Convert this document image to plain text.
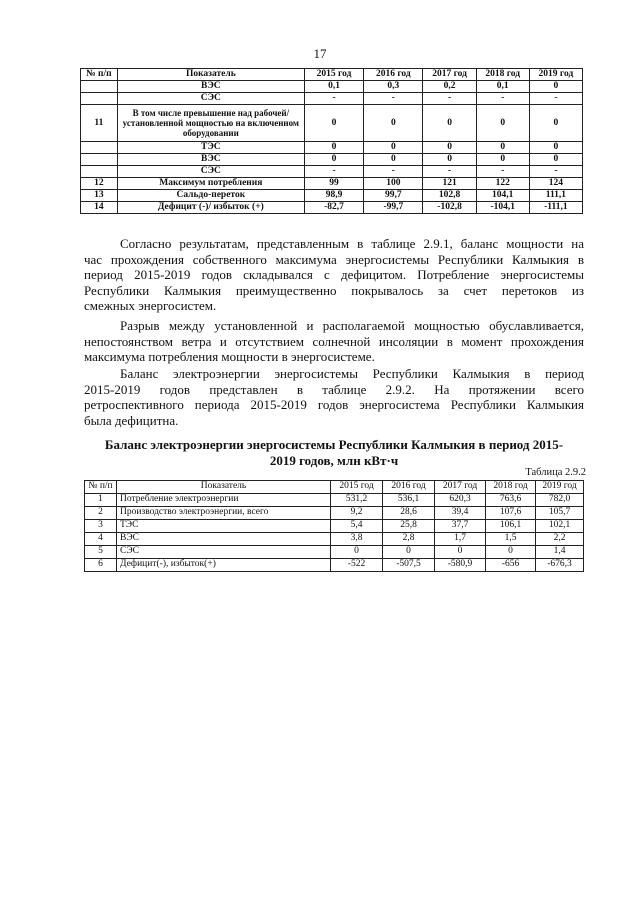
17
№ п/п	Показатель	2015 год	2016 год	2017 год	2018 год	2019 год
	ВЭС	0,1	0,3	0,2	0,1	0
	СЭС	-	-	-	-	-
11	В том числе превышение над рабочей/установленной мощностью на включенном оборудовании	0	0	0	0	0
	ТЭС	0	0	0	0	0
	ВЭС	0	0	0	0	0
	СЭС	-	-	-	-	-
12	Максимум потребления	99	100	121	122	124
13	Сальдо-переток	98,9	99,7	102,8	104,1	111,1
14	Дефицит (-)/ избыток (+)	-82,7	-99,7	-102,8	-104,1	-111,1
Согласно результатам, представленным в таблице 2.9.1, баланс мощности на
час прохождения собственного максимума энергосистемы Республики Калмыкия в
период 2015-2019 годов складывался с дефицитом. Потребление энергосистемы
Республики Калмыкия преимущественно покрывалось за счет перетоков из
смежных энергосистем.
Разрыв между установленной и располагаемой мощностью обуславливается,
непостоянством ветра и отсутствием солнечной инсоляции в момент прохождения
максимума потребления мощности в энергосистеме.
Баланс электроэнергии энергосистемы Республики Калмыкия в период
2015-2019 годов представлен в таблице 2.9.2. На протяжении всего
ретроспективного периода 2015-2019 годов энергосистема Республики Калмыкия
была дефицитна.
Баланс электроэнергии энергосистемы Республики Калмыкия в период 2015-
2019 годов, млн кВт·ч
Таблица 2.9.2
№ п/п	Показатель	2015 год	2016 год	2017 год	2018 год	2019 год
1	Потребление электроэнергии	531,2	536,1	620,3	763,6	782,0
2	Производство электроэнергии, всего	9,2	28,6	39,4	107,6	105,7
3	ТЭС	5,4	25,8	37,7	106,1	102,1
4	ВЭС	3,8	2,8	1,7	1,5	2,2
5	СЭС	0	0	0	0	1,4
6	Дефицит(-), избыток(+)	-522	-507,5	-580,9	-656	-676,3
